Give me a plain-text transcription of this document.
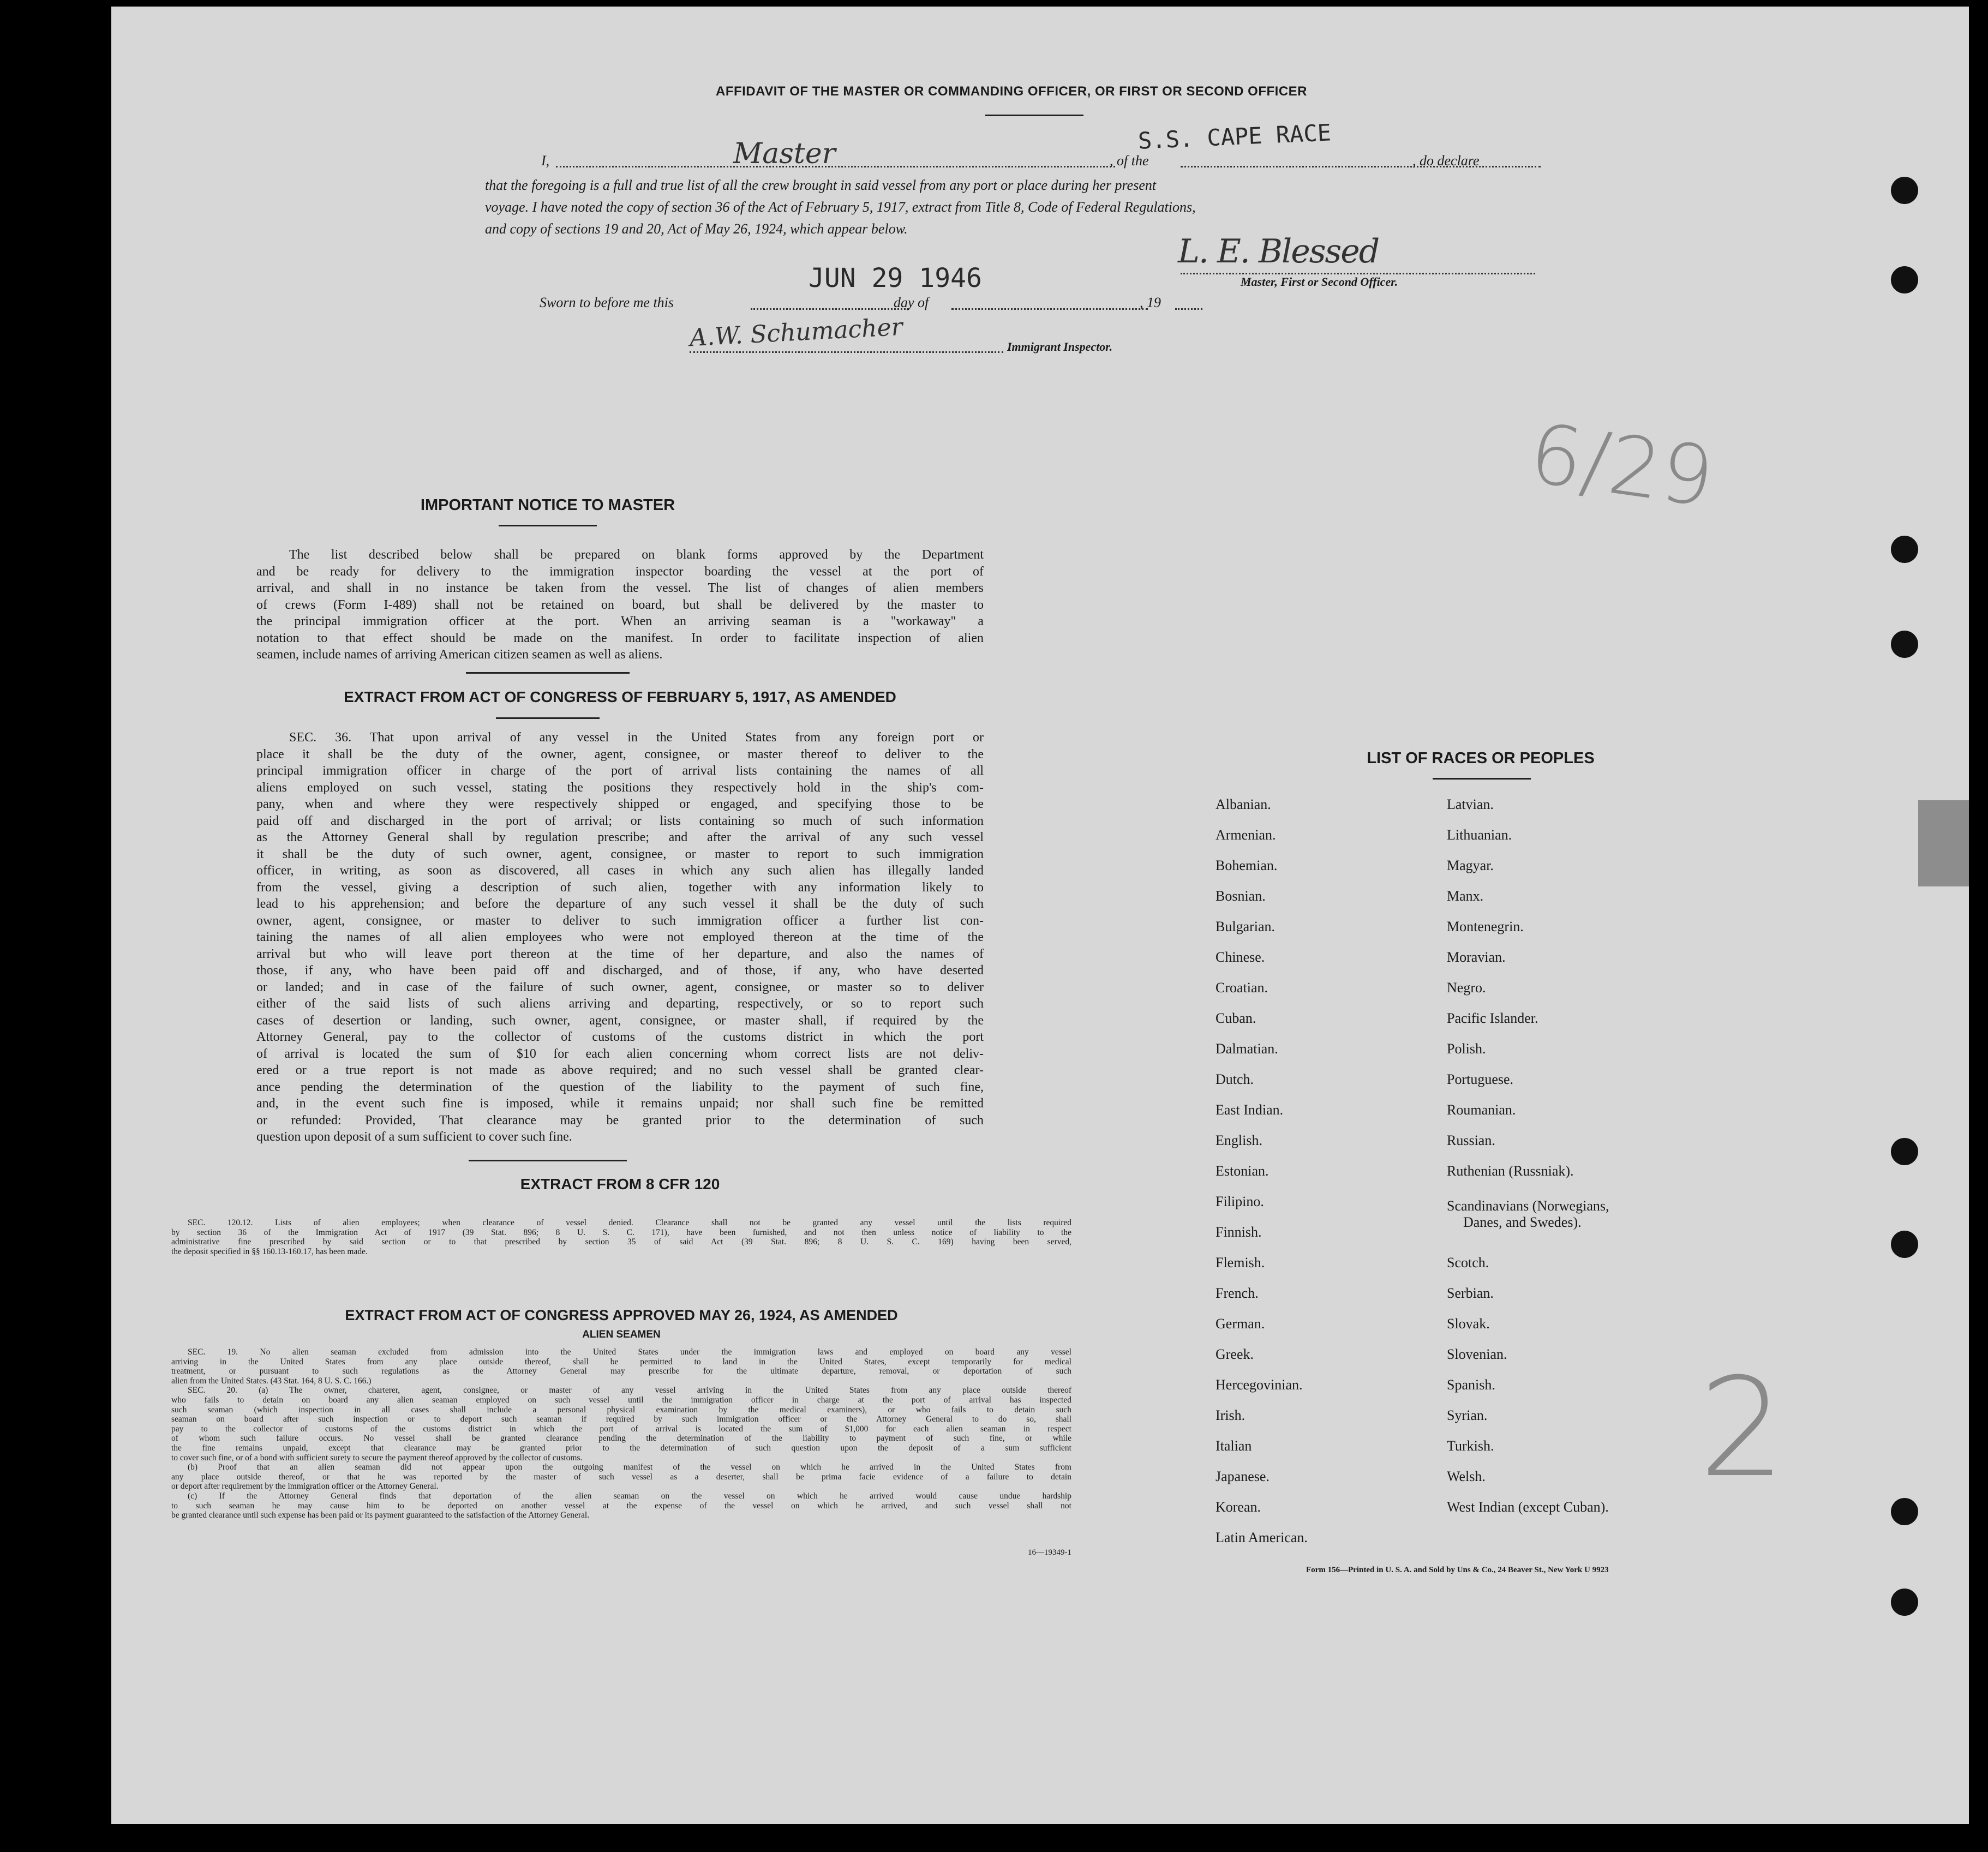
AFFIDAVIT OF THE MASTER OR COMMANDING OFFICER, OR FIRST OR SECOND OFFICER
I,	Master	, of the
S.S. CAPE RACE
, do declare
that the foregoing is a full and true list of all the crew brought in said vessel from any port or place during her present
voyage. I have noted the copy of section 36 of the Act of February 5, 1917, extract from Title 8, Code of Federal Regulations,
and copy of sections 19 and 20, Act of May 26, 1924, which appear below.
L. E. Blessed
Master, First or Second Officer.
JUN 29 1946
Sworn to before me this	day of	, 19
A.W. Schumacher	Immigrant Inspector.
6/29
2
IMPORTANT NOTICE TO MASTER
The list described below shall be prepared on blank forms approved by the Department
and be ready for delivery to the immigration inspector boarding the vessel at the port of
arrival, and shall in no instance be taken from the vessel. The list of changes of alien members
of crews (Form I-489) shall not be retained on board, but shall be delivered by the master to
the principal immigration officer at the port. When an arriving seaman is a "workaway" a
notation to that effect should be made on the manifest. In order to facilitate inspection of alien
seamen, include names of arriving American citizen seamen as well as aliens.
EXTRACT FROM ACT OF CONGRESS OF FEBRUARY 5, 1917, AS AMENDED
SEC. 36. That upon arrival of any vessel in the United States from any foreign port or
place it shall be the duty of the owner, agent, consignee, or master thereof to deliver to the
principal immigration officer in charge of the port of arrival lists containing the names of all
aliens employed on such vessel, stating the positions they respectively hold in the ship's com-
pany, when and where they were respectively shipped or engaged, and specifying those to be
paid off and discharged in the port of arrival; or lists containing so much of such information
as the Attorney General shall by regulation prescribe; and after the arrival of any such vessel
it shall be the duty of such owner, agent, consignee, or master to report to such immigration
officer, in writing, as soon as discovered, all cases in which any such alien has illegally landed
from the vessel, giving a description of such alien, together with any information likely to
lead to his apprehension; and before the departure of any such vessel it shall be the duty of such
owner, agent, consignee, or master to deliver to such immigration officer a further list con-
taining the names of all alien employees who were not employed thereon at the time of the
arrival but who will leave port thereon at the time of her departure, and also the names of
those, if any, who have been paid off and discharged, and of those, if any, who have deserted
or landed; and in case of the failure of such owner, agent, consignee, or master so to deliver
either of the said lists of such aliens arriving and departing, respectively, or so to report such
cases of desertion or landing, such owner, agent, consignee, or master shall, if required by the
Attorney General, pay to the collector of customs of the customs district in which the port
of arrival is located the sum of $10 for each alien concerning whom correct lists are not deliv-
ered or a true report is not made as above required; and no such vessel shall be granted clear-
ance pending the determination of the question of the liability to the payment of such fine,
and, in the event such fine is imposed, while it remains unpaid; nor shall such fine be remitted
or refunded: Provided, That clearance may be granted prior to the determination of such
question upon deposit of a sum sufficient to cover such fine.
EXTRACT FROM 8 CFR 120
SEC. 120.12. Lists of alien employees; when clearance of vessel denied. Clearance shall not be granted any vessel until the lists required
by section 36 of the Immigration Act of 1917 (39 Stat. 896; 8 U. S. C. 171), have been furnished, and not then unless notice of liability to the
administrative fine prescribed by said section or to that prescribed by section 35 of said Act (39 Stat. 896; 8 U. S. C. 169) having been served,
the deposit specified in §§ 160.13-160.17, has been made.
EXTRACT FROM ACT OF CONGRESS APPROVED MAY 26, 1924, AS AMENDED
ALIEN SEAMEN
SEC. 19. No alien seaman excluded from admission into the United States under the immigration laws and employed on board any vessel
arriving in the United States from any place outside thereof, shall be permitted to land in the United States, except temporarily for medical
treatment, or pursuant to such regulations as the Attorney General may prescribe for the ultimate departure, removal, or deportation of such
alien from the United States. (43 Stat. 164, 8 U. S. C. 166.)
SEC. 20. (a) The owner, charterer, agent, consignee, or master of any vessel arriving in the United States from any place outside thereof
who fails to detain on board any alien seaman employed on such vessel until the immigration officer in charge at the port of arrival has inspected
such seaman (which inspection in all cases shall include a personal physical examination by the medical examiners), or who fails to detain such
seaman on board after such inspection or to deport such seaman if required by such immigration officer or the Attorney General to do so, shall
pay to the collector of customs of the customs district in which the port of arrival is located the sum of $1,000 for each alien seaman in respect
of whom such failure occurs. No vessel shall be granted clearance pending the determination of the liability to payment of such fine, or while
the fine remains unpaid, except that clearance may be granted prior to the determination of such question upon the deposit of a sum sufficient
to cover such fine, or of a bond with sufficient surety to secure the payment thereof approved by the collector of customs.
(b) Proof that an alien seaman did not appear upon the outgoing manifest of the vessel on which he arrived in the United States from
any place outside thereof, or that he was reported by the master of such vessel as a deserter, shall be prima facie evidence of a failure to detain
or deport after requirement by the immigration officer or the Attorney General.
(c) If the Attorney General finds that deportation of the alien seaman on the vessel on which he arrived would cause undue hardship
to such seaman he may cause him to be deported on another vessel at the expense of the vessel on which he arrived, and such vessel shall not
be granted clearance until such expense has been paid or its payment guaranteed to the satisfaction of the Attorney General.
16—19349-1
LIST OF RACES OR PEOPLES
Albanian.
Armenian.
Bohemian.
Bosnian.
Bulgarian.
Chinese.
Croatian.
Cuban.
Dalmatian.
Dutch.
East Indian.
English.
Estonian.
Filipino.
Finnish.
Flemish.
French.
German.
Greek.
Hercegovinian.
Irish.
Italian
Japanese.
Korean.
Latin American.
Latvian.
Lithuanian.
Magyar.
Manx.
Montenegrin.
Moravian.
Negro.
Pacific Islander.
Polish.
Portuguese.
Roumanian.
Russian.
Ruthenian (Russniak).
Scandinavians (Norwegians,
Danes, and Swedes).
Scotch.
Serbian.
Slovak.
Slovenian.
Spanish.
Syrian.
Turkish.
Welsh.
West Indian (except Cuban).
Form 156—Printed in U. S. A. and Sold by Uns & Co., 24 Beaver St., New York U 9923
